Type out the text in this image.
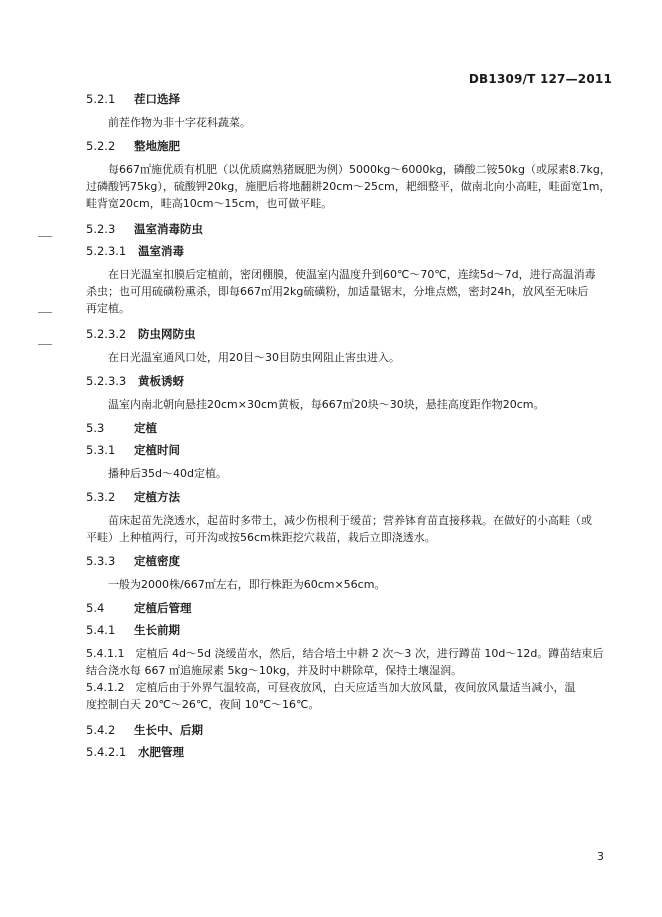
DB1309/T 127—2011
5.2.1 茬口选择

前茬作物为非十字花科蔬菜。

5.2.2 整地施肥

每667㎡施优质有机肥（以优质腐熟猪厩肥为例）5000kg～6000kg，磷酸二铵50kg（或尿素8.7kg，

过磷酸钙75kg），硫酸钾20kg，施肥后将地翻耕20cm～25cm，耙细整平，做南北向小高畦，畦面宽1m，

畦背宽20cm，畦高10cm～15cm，也可做平畦。

5.2.3 温室消毒防虫
5.2.3.1 温室消毒

在日光温室扣膜后定植前，密闭棚膜，使温室内温度升到60℃～70℃，连续5d～7d，进行高温消毒

杀虫；也可用硫磺粉熏杀，即每667㎡用2kg硫磺粉，加适量锯末，分堆点燃，密封24h，放风至无味后

再定植。

5.2.3.2 防虫网防虫

在日光温室通风口处，用20目～30目防虫网阻止害虫进入。

5.2.3.3 黄板诱蚜

温室内南北朝向悬挂20cm×30cm黄板，每667㎡20块～30块，悬挂高度距作物20cm。

5.3	定植
5.3.1 定植时间

播种后35d～40d定植。

5.3.2 定植方法

苗床起苗先浇透水，起苗时多带土，减少伤根利于缓苗；营养钵育苗直接移栽。在做好的小高畦（或

平畦）上种植两行，可开沟或按56cm株距挖穴栽苗，栽后立即浇透水。

5.3.3 定植密度

一般为2000株/667㎡左右，即行株距为60cm×56cm。

5.4	定植后管理
5.4.1 生长前期

5.4.1.1　定植后 4d～5d 浇缓苗水，然后，结合培土中耕 2 次～3 次，进行蹲苗 10d～12d。蹲苗结束后

结合浇水每 667 ㎡追施尿素 5kg～10kg，并及时中耕除草，保持土壤湿润。

5.4.1.2　定植后由于外界气温较高，可昼夜放风，白天应适当加大放风量，夜间放风量适当减小，温

度控制白天 20℃～26℃，夜间 10℃～16℃。

5.4.2 生长中、后期
5.4.2.1 水肥管理
3
